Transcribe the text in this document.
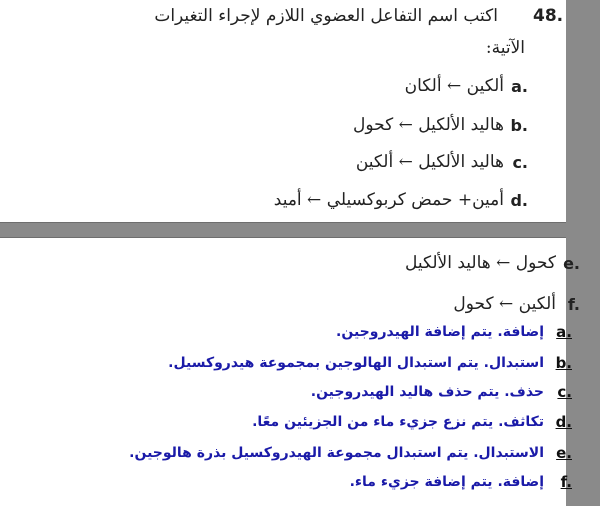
48.
اكتب اسم التفاعل العضوي اللازم لإجراء التغيرات
الآتية:
ألكين ← ألكان a.
هاليد الألكيل ← كحول b.
هاليد الألكيل ← ألكين c.
أمين+ حمض كربوكسيلي ← أميد d.
كحول ← هاليد الألكيل e.
ألكين ← كحول f.
إضافة. يتم إضافة الهيدروجين. a.
استبدال. يتم استبدال الهالوجين بمجموعة هيدروكسيل. b.
حذف. يتم حذف هاليد الهيدروجين. c.
تكاثف. يتم نزع جزيء ماء من الجزيئين معًا. d.
الاستبدال. يتم استبدال مجموعة الهيدروكسيل بذرة هالوجين. e.
إضافة. يتم إضافة جزيء ماء.	f.
